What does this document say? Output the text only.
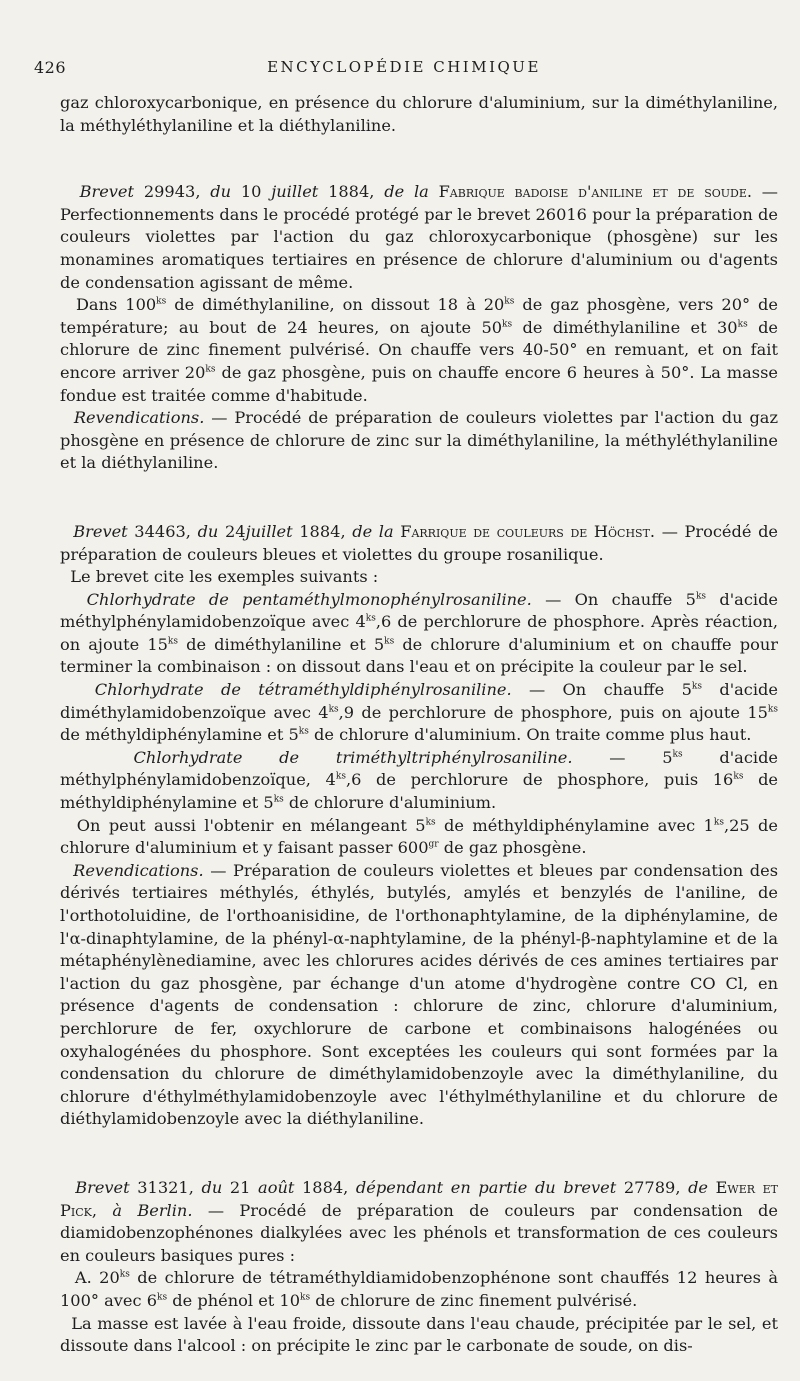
426	ENCYCLOPÉDIE CHIMIQUE

gaz chloroxycarbonique, en présence du chlorure d'aluminium, sur la diméthylaniline, la méthyléthylaniline et la diéthylaniline.

Brevet 29943, du 10 juillet 1884, de la Fabrique badoise d'aniline et de soude. — Perfectionnements dans le procédé protégé par le brevet 26016 pour la préparation de couleurs violettes par l'action du gaz chloroxycarbonique (phosgène) sur les monamines aromatiques tertiaires en présence de chlorure d'aluminium ou d'agents de condensation agissant de même.

Dans $100^{ks}$ de diméthylaniline, on dissout 18 à $20^{ks}$ de gaz phosgène, vers 20° de température; au bout de 24 heures, on ajoute $50^{ks}$ de diméthylaniline et $30^{ks}$ de chlorure de zinc finement pulvérisé. On chauffe vers 40-50° en remuant, et on fait encore arriver $20^{ks}$ de gaz phosgène, puis on chauffe encore 6 heures à 50°. La masse fondue est traitée comme d'habitude.

Revendications. — Procédé de préparation de couleurs violettes par l'action du gaz phosgène en présence de chlorure de zinc sur la diméthylaniline, la méthyléthylaniline et la diéthylaniline.

Brevet 34463, du 24juillet 1884, de la Farrique de couleurs de Höchst. — Procédé de préparation de couleurs bleues et violettes du groupe rosanilique.

Le brevet cite les exemples suivants :

Chlorhydrate de pentaméthylmonophénylrosaniline. — On chauffe $5^{ks}$ d'acide méthylphénylamidobenzoïque avec $4^{ks},6$ de perchlorure de phosphore. Après réaction, on ajoute $15^{ks}$ de diméthylaniline et $5^{ks}$ de chlorure d'aluminium et on chauffe pour terminer la combinaison : on dissout dans l'eau et on précipite la couleur par le sel.

Chlorhydrate de tétraméthyldiphénylrosaniline. — On chauffe $5^{ks}$ d'acide diméthylamidobenzoïque avec $4^{ks},9$ de perchlorure de phosphore, puis on ajoute $15^{ks}$ de méthyldiphénylamine et $5^{ks}$ de chlorure d'aluminium. On traite comme plus haut.

Chlorhydrate de triméthyltriphénylrosaniline. — $5^{ks}$ d'acide méthylphénylamidobenzoïque, $4^{ks},6$ de perchlorure de phosphore, puis $16^{ks}$ de méthyldiphénylamine et $5^{ks}$ de chlorure d'aluminium.

On peut aussi l'obtenir en mélangeant $5^{ks}$ de méthyldiphénylamine avec $1^{ks},25$ de chlorure d'aluminium et y faisant passer $600^{gr}$ de gaz phosgène.

Revendications. — Préparation de couleurs violettes et bleues par condensation des dérivés tertiaires méthylés, éthylés, butylés, amylés et benzylés de l'aniline, de l'orthotoluidine, de l'orthoanisidine, de l'orthonaphtylamine, de la diphénylamine, de l'α-dinaphtylamine, de la phényl-α-naphtylamine, de la phényl-β-naphtylamine et de la métaphénylènediamine, avec les chlorures acides dérivés de ces amines tertiaires par l'action du gaz phosgène, par échange d'un atome d'hydrogène contre CO Cl, en présence d'agents de condensation : chlorure de zinc, chlorure d'aluminium, perchlorure de fer, oxychlorure de carbone et combinaisons halogénées ou oxyhalogénées du phosphore. Sont exceptées les couleurs qui sont formées par la condensation du chlorure de diméthylamidobenzoyle avec la diméthylaniline, du chlorure d'éthylméthylamidobenzoyle avec l'éthylméthylaniline et du chlorure de diéthylamidobenzoyle avec la diéthylaniline.

Brevet 31321, du 21 août 1884, dépendant en partie du brevet 27789, de Ewer et Pick, à Berlin. — Procédé de préparation de couleurs par condensation de diamidobenzophénones dialkylées avec les phénols et transformation de ces couleurs en couleurs basiques pures :

A. $20^{ks}$ de chlorure de tétraméthyldiamidobenzophénone sont chauffés 12 heures à 100° avec $6^{ks}$ de phénol et $10^{ks}$ de chlorure de zinc finement pulvérisé.

La masse est lavée à l'eau froide, dissoute dans l'eau chaude, précipitée par le sel, et dissoute dans l'alcool : on précipite le zinc par le carbonate de soude, on dis-
